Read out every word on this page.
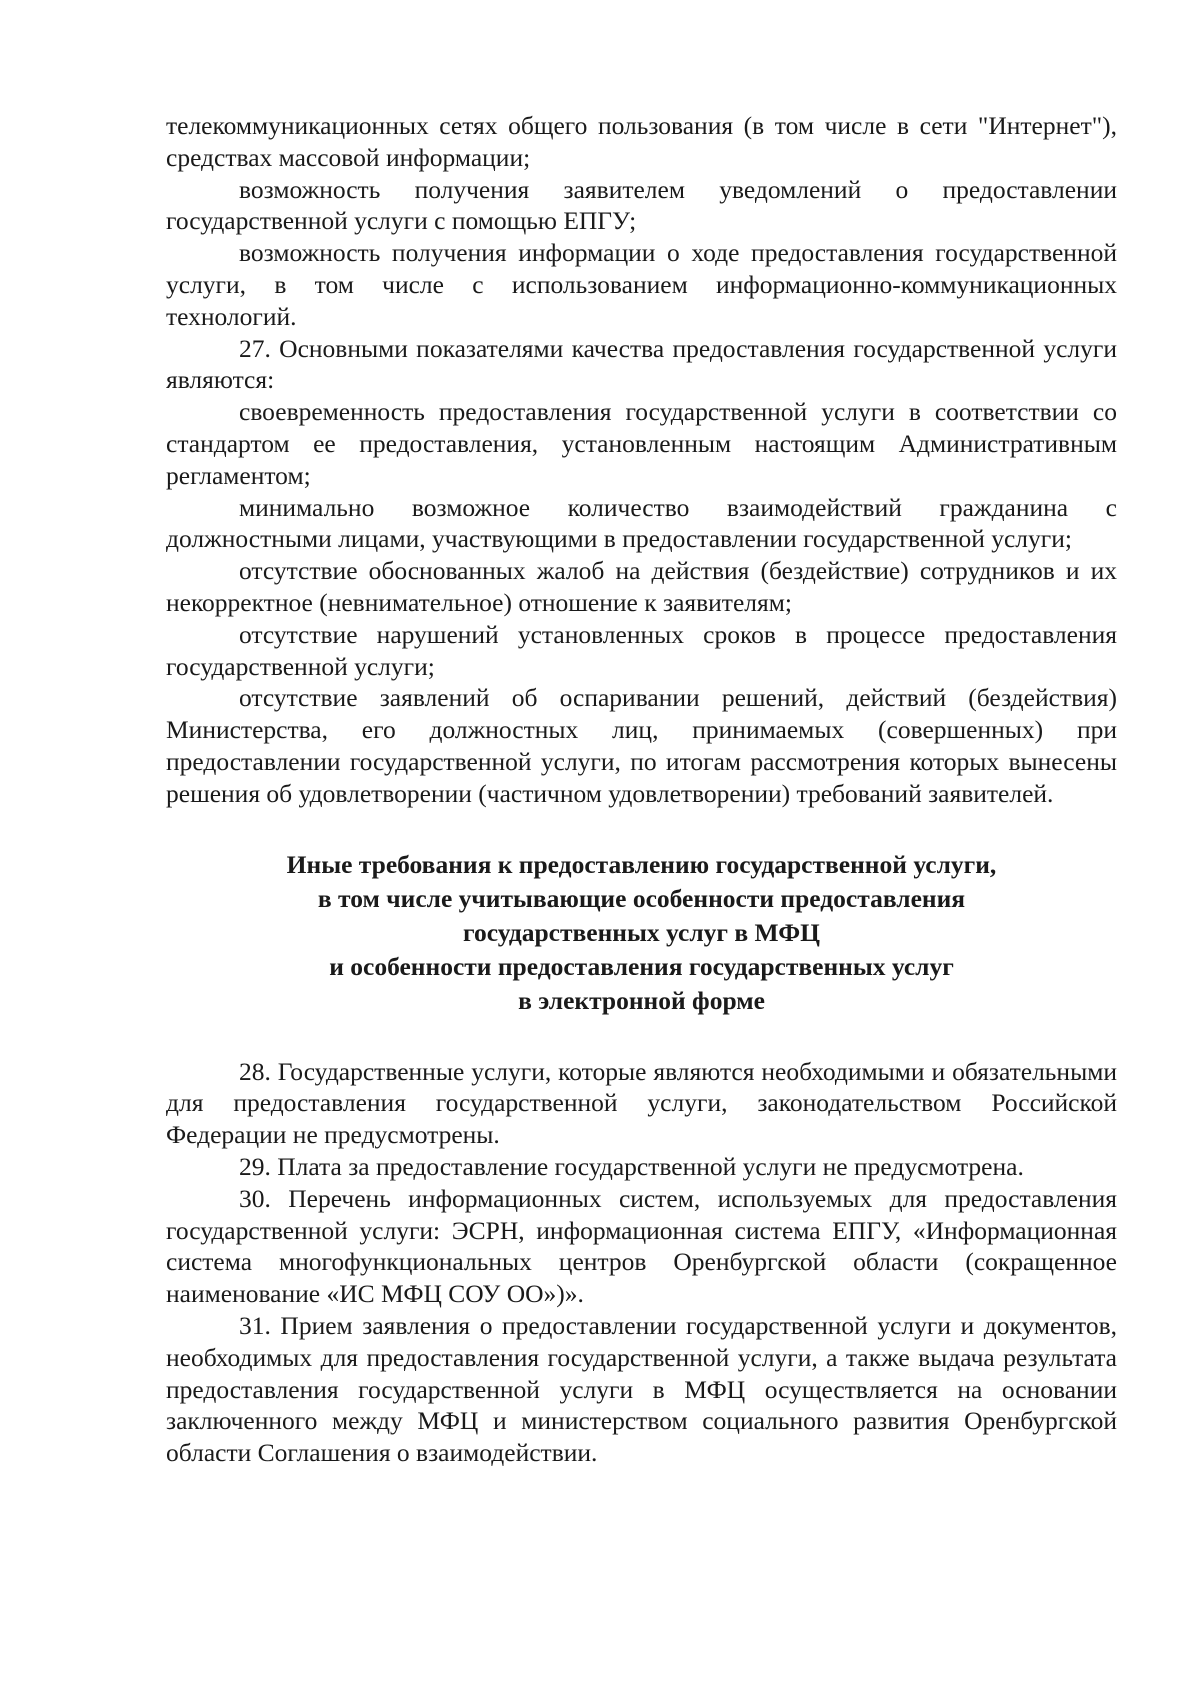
телекоммуникационных сетях общего пользования (в том числе в сети "Интернет"), средствах массовой информации;

возможность получения заявителем уведомлений о предоставлении государственной услуги с помощью ЕПГУ;

возможность получения информации о ходе предоставления государственной услуги, в том числе с использованием информационно-коммуникационных технологий.

27. Основными показателями качества предоставления государственной услуги являются:

своевременность предоставления государственной услуги в соответствии со стандартом ее предоставления, установленным настоящим Административным регламентом;

минимально возможное количество взаимодействий гражданина с должностными лицами, участвующими в предоставлении государственной услуги;

отсутствие обоснованных жалоб на действия (бездействие) сотрудников и их некорректное (невнимательное) отношение к заявителям;

отсутствие нарушений установленных сроков в процессе предоставления государственной услуги;

отсутствие заявлений об оспаривании решений, действий (бездействия) Министерства, его должностных лиц, принимаемых (совершенных) при предоставлении государственной услуги, по итогам рассмотрения которых вынесены решения об удовлетворении (частичном удовлетворении) требований заявителей.

Иные требования к предоставлению государственной услуги,
в том числе учитывающие особенности предоставления
государственных услуг в МФЦ
и особенности предоставления государственных услуг
в электронной форме

28. Государственные услуги, которые являются необходимыми и обязательными для предоставления государственной услуги, законодательством Российской Федерации не предусмотрены.

29. Плата за предоставление государственной услуги не предусмотрена.

30. Перечень информационных систем, используемых для предоставления государственной услуги: ЭСРН, информационная система ЕПГУ, «Информационная система многофункциональных центров Оренбургской области (сокращенное наименование «ИС МФЦ СОУ ОО»)».

31. Прием заявления о предоставлении государственной услуги и документов, необходимых для предоставления государственной услуги, а также выдача результата предоставления государственной услуги в МФЦ осуществляется на основании заключенного между МФЦ и министерством социального развития Оренбургской области Соглашения о взаимодействии.
